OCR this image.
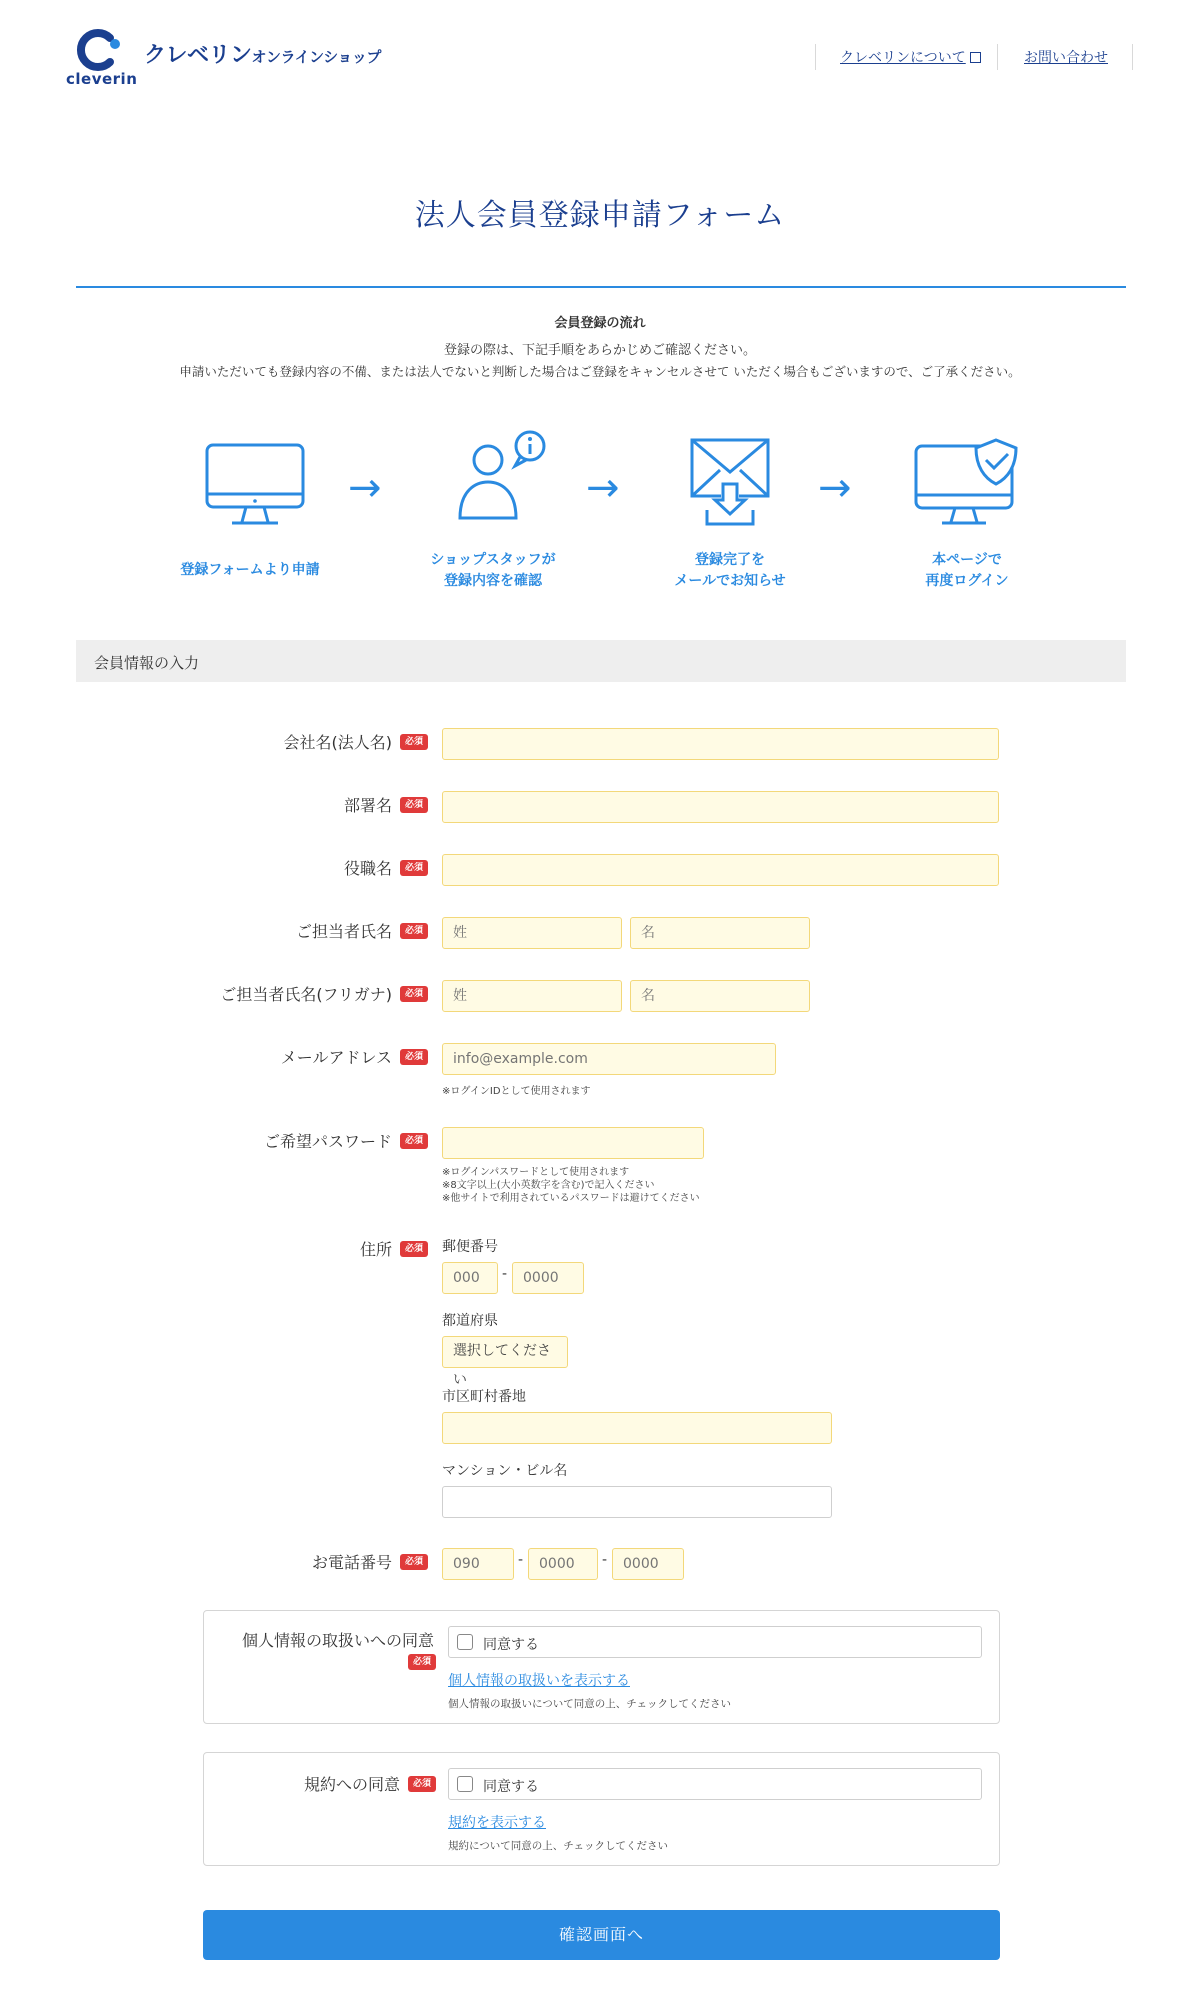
cleverin
クレベリンオンラインショップ	クレベリンについて	お問い合わせ
法人会員登録申請フォーム
会員登録の流れ
登録の際は、下記手順をあらかじめご確認ください。
申請いただいても登録内容の不備、または法人でないと判断した場合はご登録をキャンセルさせて いただく場合もございますので、ご了承ください。
登録フォームより申請
→
ショップスタッフが
登録内容を確認
→
登録完了を
メールでお知らせ
→
本ページで
再度ログイン
会員情報の入力
会社名(法人名)	必須
部署名	必須
役職名	必須
ご担当者氏名	必須
姓
名
ご担当者氏名(フリガナ)	必須
姓
名
メールアドレス	必須
info@example.com
※ログインIDとして使用されます
ご希望パスワード	必須
※ログインパスワードとして使用されます
※8文字以上(大小英数字を含む)で記入ください
※他サイトで利用されているパスワードは避けてください
住所	必須	郵便番号
000
-
0000
都道府県
選択してください
市区町村番地
マンション・ビル名
お電話番号	必須
090	-
0000	-
0000
個人情報の取扱いへの同意
必須
同意する
個人情報の取扱いを表示する
個人情報の取扱いについて同意の上、チェックしてください
規約への同意	必須	同意する
規約を表示する
規約について同意の上、チェックしてください
確認画面へ
